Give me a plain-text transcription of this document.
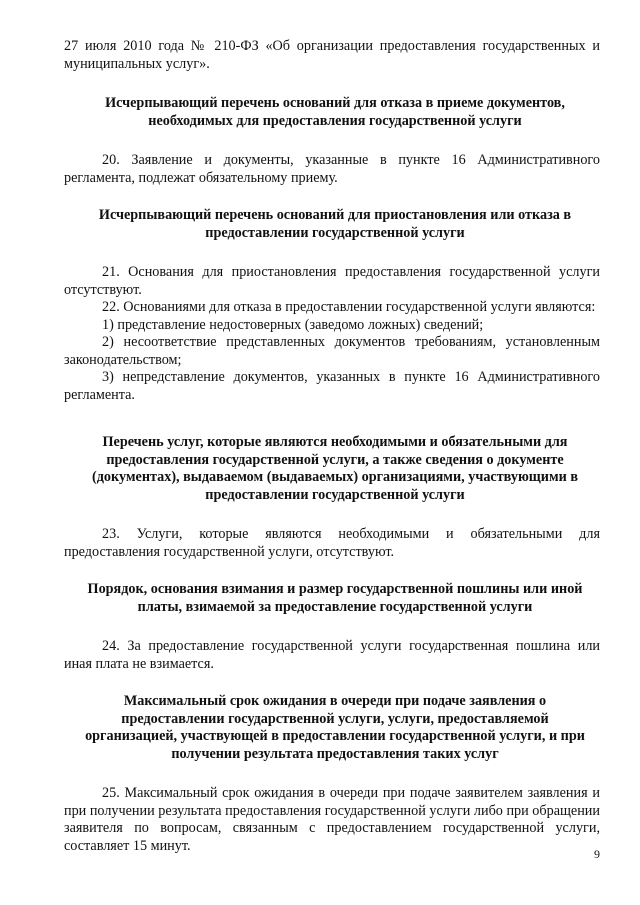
27 июля 2010 года № 210-ФЗ «Об организации предоставления государственных и муниципальных услуг».

Исчерпывающий перечень оснований для отказа в приеме документов, необходимых для предоставления государственной услуги

20. Заявление и документы, указанные в пункте 16 Административного регламента, подлежат обязательному приему.

Исчерпывающий перечень оснований для приостановления или отказа в предоставлении государственной услуги

21. Основания для приостановления предоставления государственной услуги отсутствуют.

22. Основаниями для отказа в предоставлении государственной услуги являются:

1) представление недостоверных (заведомо ложных) сведений;

2) несоответствие представленных документов требованиям, установленным законодательством;

3) непредставление документов, указанных в пункте 16 Административного регламента.

Перечень услуг, которые являются необходимыми и обязательными для предоставления государственной услуги, а также сведения о документе (документах), выдаваемом (выдаваемых) организациями, участвующими в предоставлении государственной услуги

23. Услуги, которые являются необходимыми и обязательными для предоставления государственной услуги, отсутствуют.

Порядок, основания взимания и размер государственной пошлины или иной платы, взимаемой за предоставление государственной услуги

24. За предоставление государственной услуги государственная пошлина или иная плата не взимается.

Максимальный срок ожидания в очереди при подаче заявления о предоставлении государственной услуги, услуги, предоставляемой организацией, участвующей в предоставлении государственной услуги, и при получении результата предоставления таких услуг

25. Максимальный срок ожидания в очереди при подаче заявителем заявления и при получении результата предоставления государственной услуги либо при обращении заявителя по вопросам, связанным с предоставлением государственной услуги, составляет 15 минут.

9
